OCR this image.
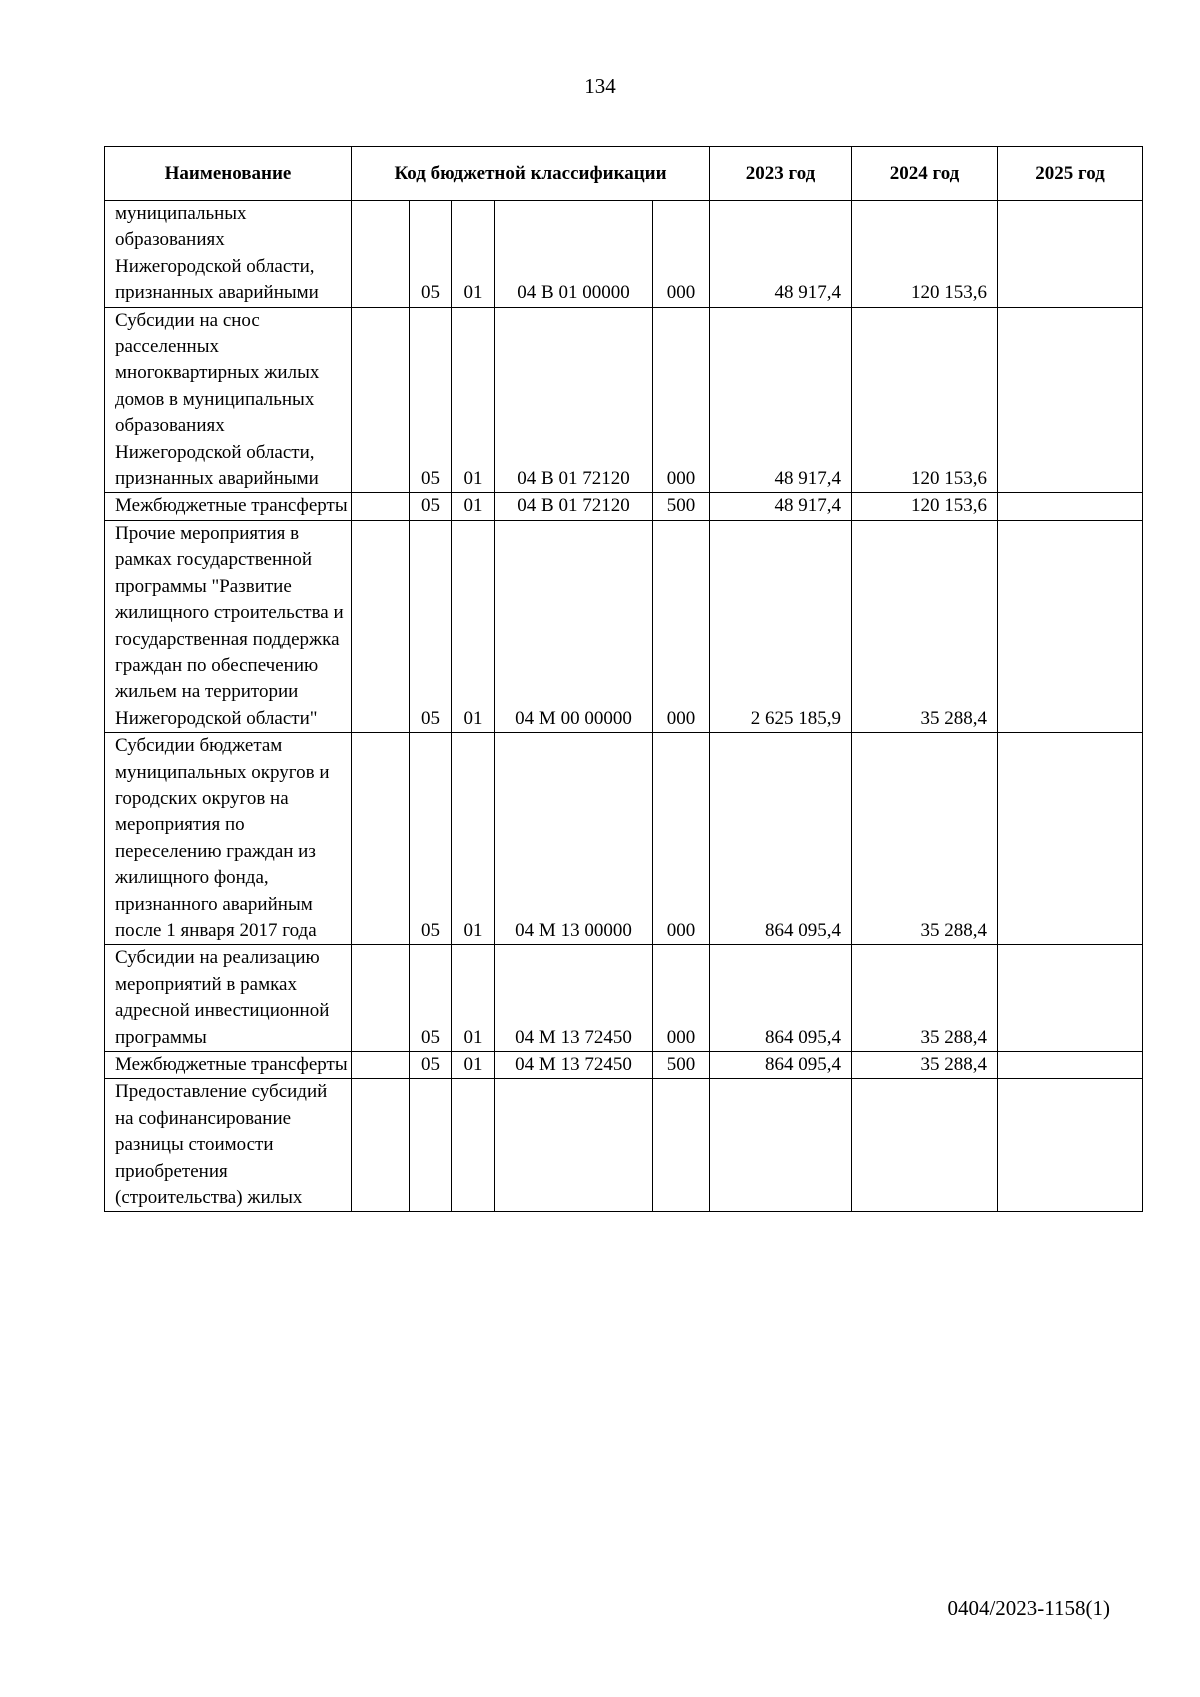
134
Наименование	Код бюджетной классификации					2023 год	2024 год	2025 год
муниципальных образованиях Нижегородской области, признанных аварийными		05	01	04 В 01 00000	000	48 917,4	120 153,6	
Субсидии на снос расселенных многоквартирных жилых домов в муниципальных образованиях Нижегородской области, признанных аварийными		05	01	04 В 01 72120	000	48 917,4	120 153,6	
Межбюджетные трансферты		05	01	04 В 01 72120	500	48 917,4	120 153,6	
Прочие мероприятия в рамках государственной программы "Развитие жилищного строительства и государственная поддержка граждан по обеспечению жильем на территории Нижегородской области"		05	01	04 М 00 00000	000	2 625 185,9	35 288,4	
Субсидии бюджетам муниципальных округов и городских округов на мероприятия по переселению граждан из жилищного фонда, признанного аварийным после 1 января 2017 года		05	01	04 М 13 00000	000	864 095,4	35 288,4	
Субсидии на реализацию мероприятий в рамках адресной инвестиционной программы		05	01	04 М 13 72450	000	864 095,4	35 288,4	
Межбюджетные трансферты		05	01	04 М 13 72450	500	864 095,4	35 288,4	
Предоставление субсидий на софинансирование разницы стоимости приобретения (строительства) жилых								
0404/2023-1158(1)
